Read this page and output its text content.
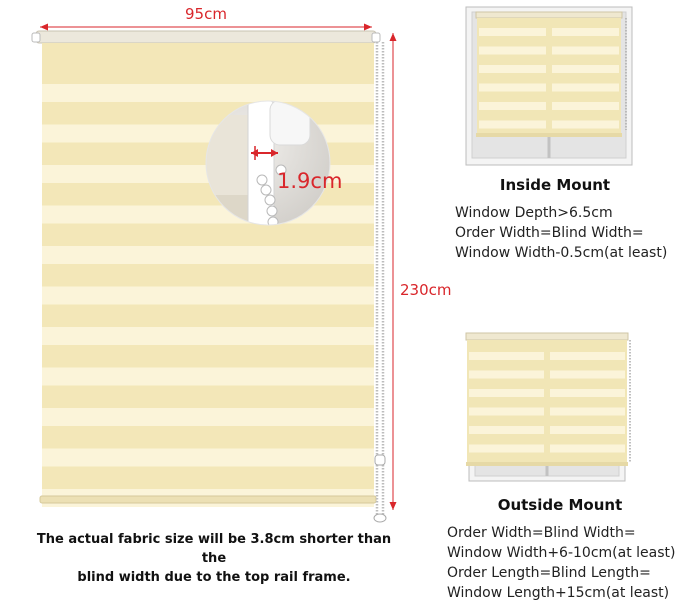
95cm
230cm
1.9cm
The actual fabric size will be 3.8cm shorter than the
blind width due to the top rail frame.
Inside Mount
Window Depth>6.5cm
Order Width=Blind Width=
Window Width-0.5cm(at least)
Outside Mount
Order Width=Blind Width=
Window Width+6-10cm(at least)
Order Length=Blind Length=
Window Length+15cm(at least)
